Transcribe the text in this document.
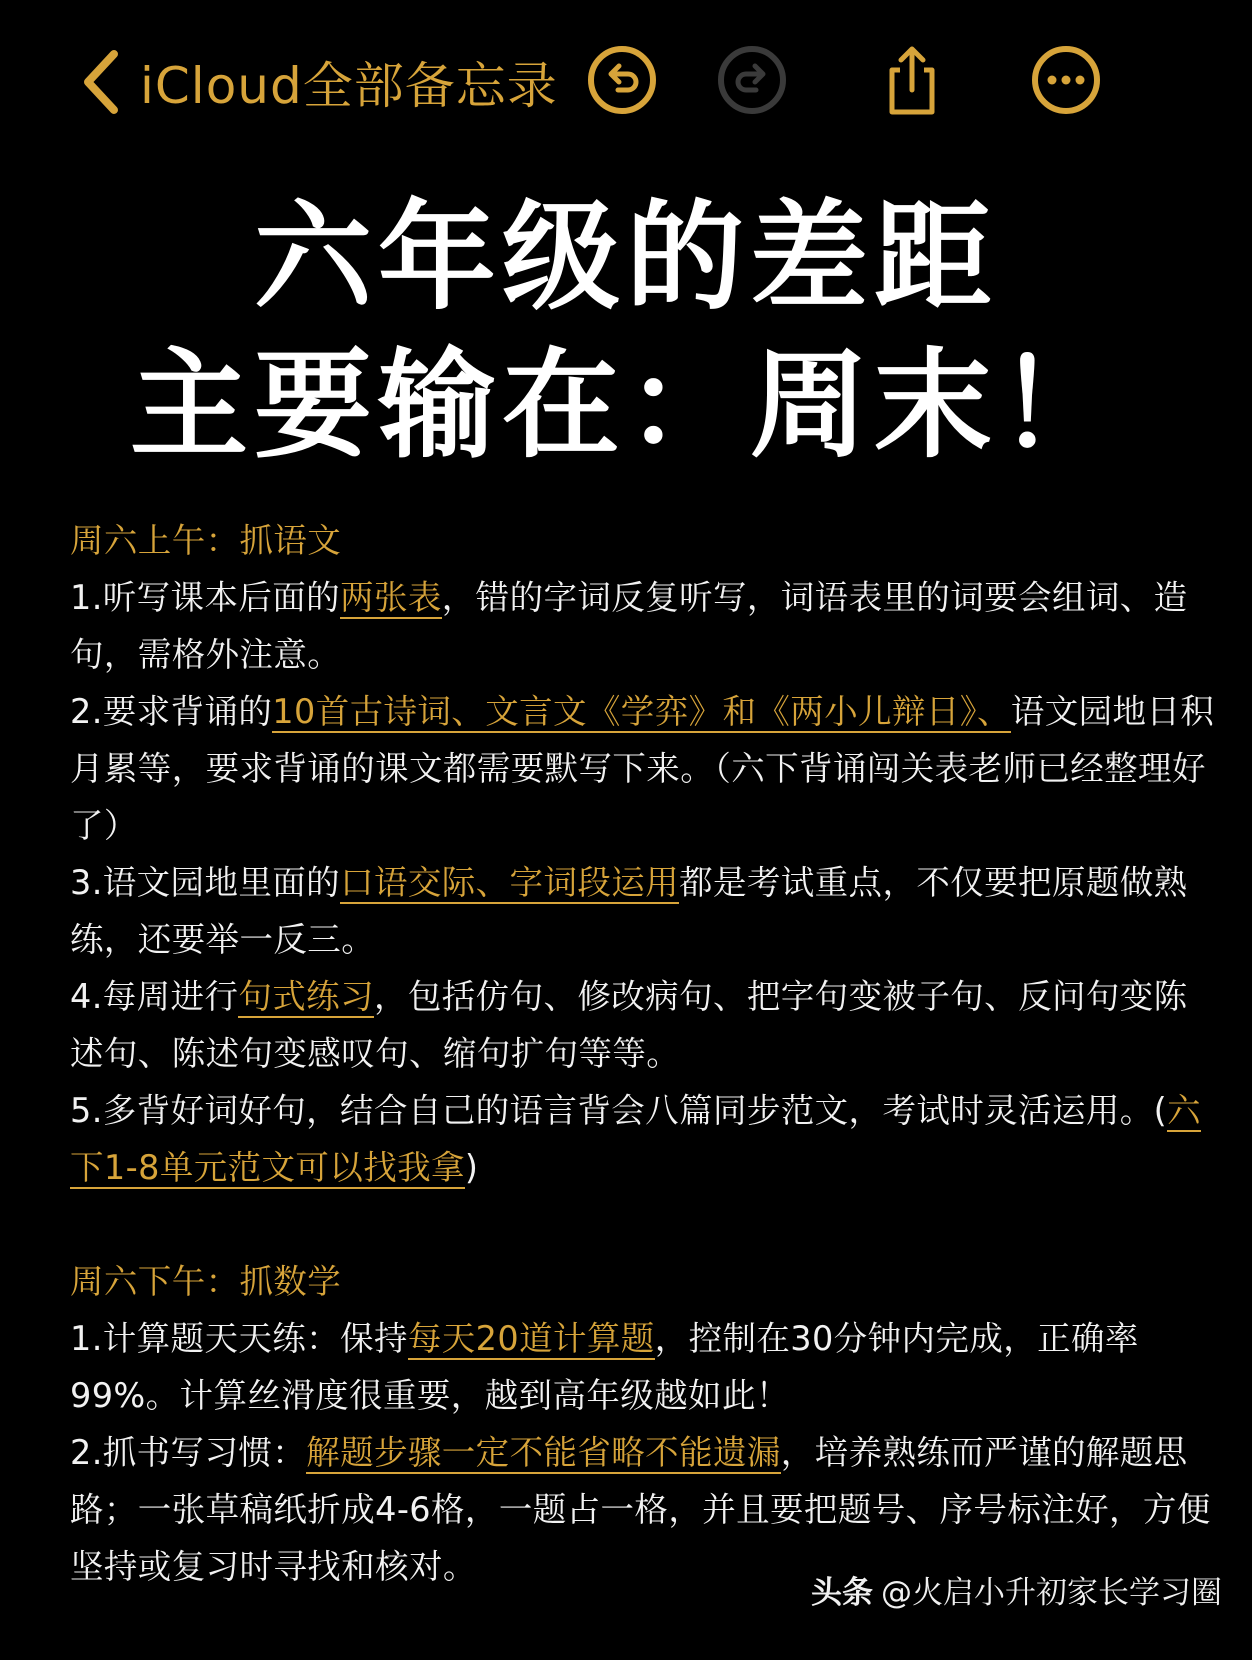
iCloud全部备忘录
六年级的差距
主要输在：周末！

周六上午：抓语文

1.听写课本后面的两张表，错的字词反复听写，词语表里的词要会组词、造句，需格外注意。

2.要求背诵的10首古诗词、文言文《学弈》和《两小儿辩日》、语文园地日积月累等，要求背诵的课文都需要默写下来。（六下背诵闯关表老师已经整理好了）

3.语文园地里面的口语交际、字词段运用都是考试重点，不仅要把原题做熟练，还要举一反三。

4.每周进行句式练习，包括仿句、修改病句、把字句变被子句、反问句变陈述句、陈述句变感叹句、缩句扩句等等。

5.多背好词好句，结合自己的语言背会八篇同步范文，考试时灵活运用。(六下1-8单元范文可以找我拿)

周六下午：抓数学

1.计算题天天练：保持每天20道计算题，控制在30分钟内完成，正确率99%。计算丝滑度很重要，越到高年级越如此！

2.抓书写习惯：解题步骤一定不能省略不能遗漏，培养熟练而严谨的解题思路；一张草稿纸折成4-6格，一题占一格，并且要把题号、序号标注好，方便坚持或复习时寻找和核对。

头条 @火启小升初家长学习圈
